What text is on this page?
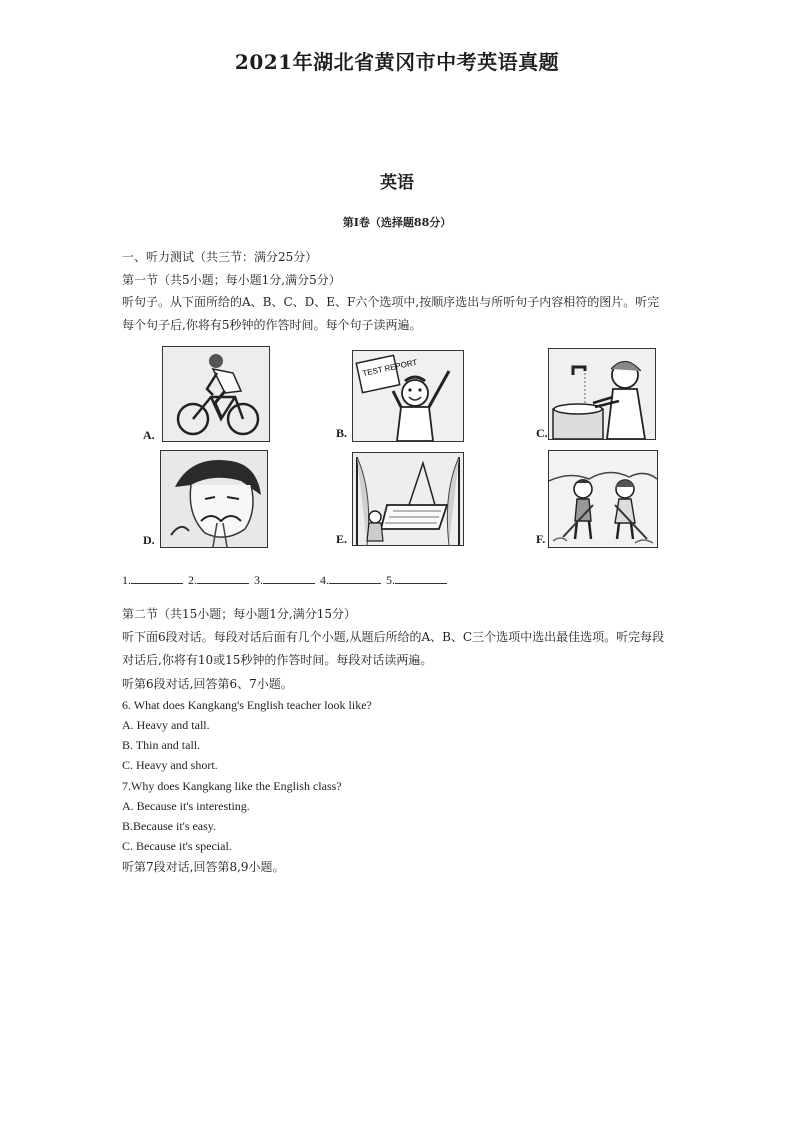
2021年湖北省黄冈市中考英语真题
英语
第Ⅰ卷（选择题88分）
一、听力测试（共三节：满分25分）
第一节（共5小题；每小题1分,满分5分）
听句子。从下面所给的A、B、C、D、E、F六个选项中,按顺序选出与所听句子内容相符的图片。听完每个句子后,你将有5秒钟的作答时间。每个句子读两遍。
A.
TEST REPORT
B.	C.
D.	E.	F.
1.	2.	3.	4.	5.
第二节（共15小题；每小题1分,满分15分）
听下面6段对话。每段对话后面有几个小题,从题后所给的A、B、C三个选项中选出最佳选项。听完每段对话后,你将有10或15秒钟的作答时间。每段对话读两遍。
听第6段对话,回答第6、7小题。
6. What does Kangkang's English teacher look like?
A. Heavy and tall.
B. Thin and tall.
C. Heavy and short.
7.Why does Kangkang like the English class?
A. Because it's interesting.
B.Because it's easy.
C. Because it's special.
听第7段对话,回答第8,9小题。
